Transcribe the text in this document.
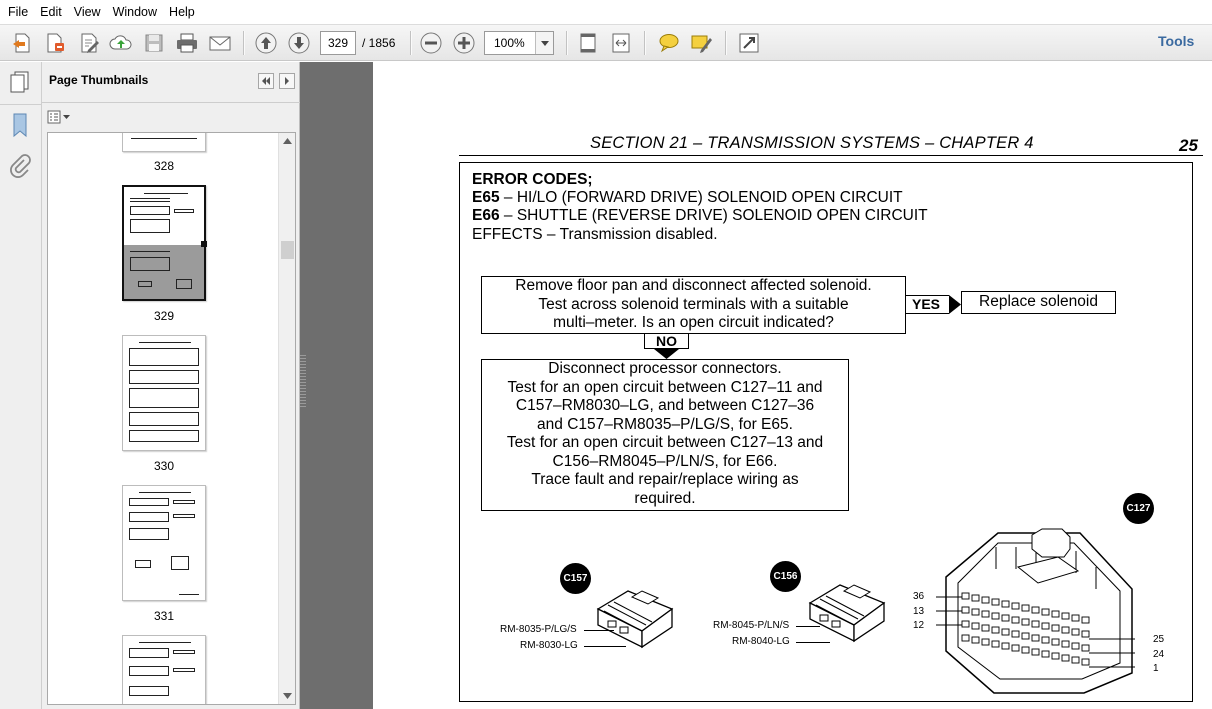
File Edit View Window Help
329
/ 1856	100%	Tools
Page Thumbnails
328
329
330
331
SECTION 21 – TRANSMISSION SYSTEMS – CHAPTER 4	25
ERROR CODES;
E65 – HI/LO (FORWARD DRIVE) SOLENOID OPEN CIRCUIT
E66 – SHUTTLE (REVERSE DRIVE) SOLENOID OPEN CIRCUIT
EFFECTS – Transmission disabled.
Remove floor pan and disconnect affected solenoid.
Test across solenoid terminals with a suitable
multi–meter. Is an open circuit indicated?
YES	Replace solenoid
NO
Disconnect processor connectors.
Test for an open circuit between C127–11 and
C157–RM8030–LG, and between C127–36
and C157–RM8035–P/LG/S, for E65.
Test for an open circuit between C127–13 and
C156–RM8045–P/LN/S, for E66.
Trace fault and repair/replace wiring as
required.
C157
RM-8035-P/LG/S
RM-8030-LG
C156
RM-8045-P/LN/S
RM-8040-LG
C127
36
13
12
25
24
1
